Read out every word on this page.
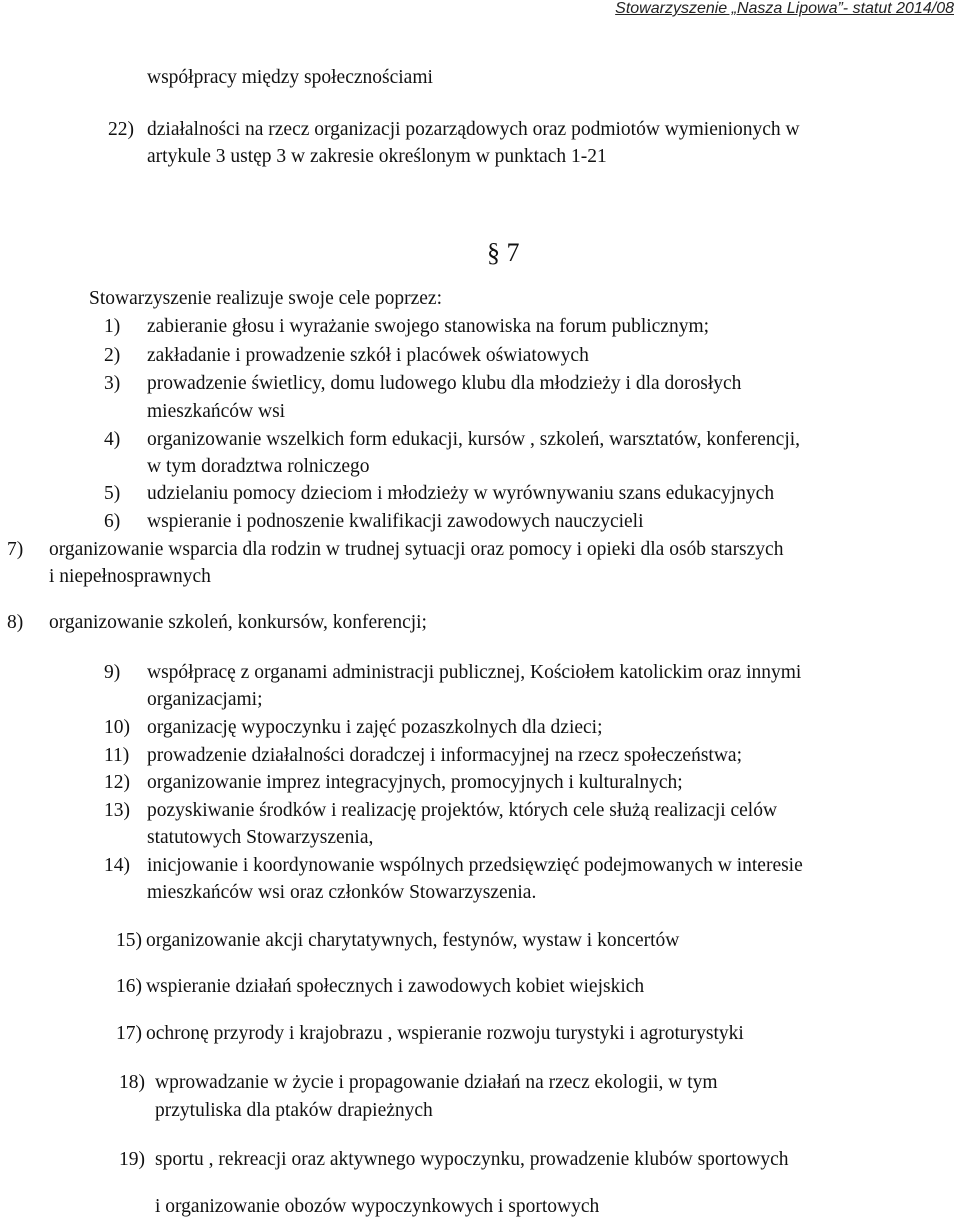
Stowarzyszenie „Nasza Lipowa”- statut 2014/08
współpracy między społecznościami
22) działalności na rzecz organizacji pozarządowych oraz podmiotów wymienionych w
artykule 3 ustęp 3 w zakresie określonym w punktach 1-21
§ 7
Stowarzyszenie realizuje swoje cele poprzez:
1) zabieranie głosu i wyrażanie swojego stanowiska na forum publicznym;
2) zakładanie i prowadzenie szkół i placówek oświatowych
3) prowadzenie świetlicy, domu ludowego klubu dla młodzieży i dla dorosłych
mieszkańców wsi
4) organizowanie wszelkich form edukacji, kursów , szkoleń, warsztatów, konferencji,
w tym doradztwa rolniczego
5) udzielaniu pomocy dzieciom i młodzieży w wyrównywaniu szans edukacyjnych
6) wspieranie i podnoszenie kwalifikacji zawodowych nauczycieli
7) organizowanie wsparcia dla rodzin w trudnej sytuacji oraz pomocy i opieki dla osób starszych
i niepełnosprawnych
8) organizowanie szkoleń, konkursów, konferencji;
9) współpracę z organami administracji publicznej, Kościołem katolickim oraz innymi
organizacjami;
10) organizację wypoczynku i zajęć pozaszkolnych dla dzieci;
11) prowadzenie działalności doradczej i informacyjnej na rzecz społeczeństwa;
12) organizowanie imprez integracyjnych, promocyjnych i kulturalnych;
13) pozyskiwanie środków i realizację projektów, których cele służą realizacji celów
statutowych Stowarzyszenia,
14) inicjowanie i koordynowanie wspólnych przedsięwzięć podejmowanych w interesie
mieszkańców wsi oraz członków Stowarzyszenia.
15) organizowanie akcji charytatywnych, festynów, wystaw i koncertów
16) wspieranie działań społecznych i zawodowych kobiet wiejskich
17) ochronę przyrody i krajobrazu , wspieranie rozwoju turystyki i agroturystyki
18) wprowadzanie w życie i propagowanie działań na rzecz ekologii, w tym
przytuliska dla ptaków drapieżnych
19) sportu , rekreacji oraz aktywnego wypoczynku, prowadzenie klubów sportowych
i organizowanie obozów wypoczynkowych i sportowych
